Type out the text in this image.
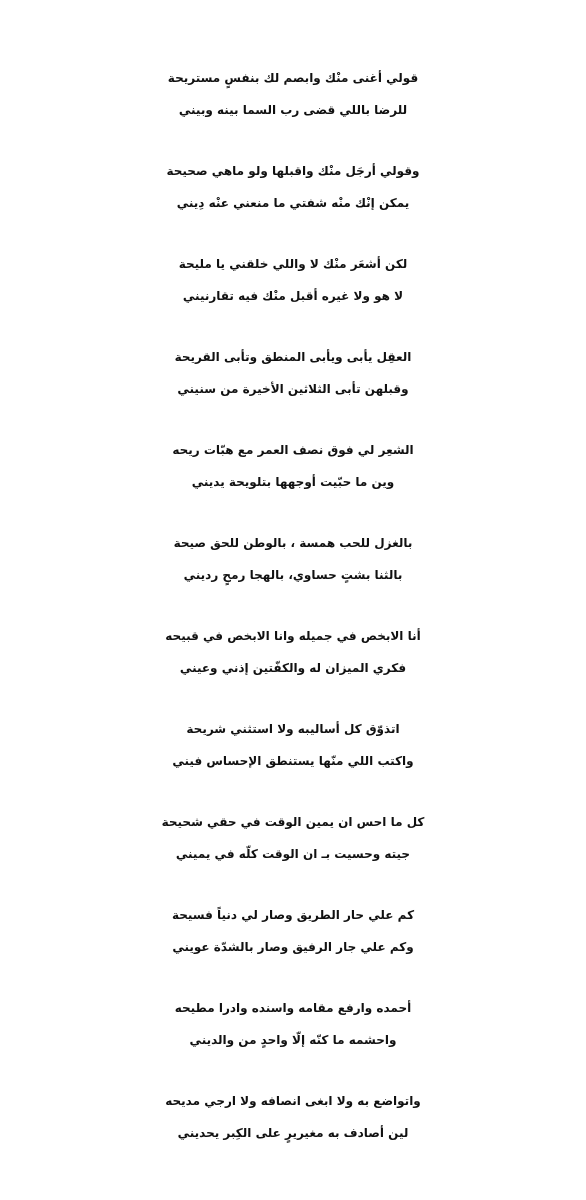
قولي أغنى منْك وابصم لك بنفسٍ مستريحة
للرضا باللي قضى رب السما بينه وبيني
وقولي أرجَل منْك واقبلها ولو ماهي صحيحة
يمكن إنْك منْه شفتي ما منعني عنْه دِيني
لكن أشعَر منْك لا واللي خلقني يا مليحة
لا هو ولا غيره أقبل منْك فيه تقارنيني
العقِل يأبى ويأبى المنطق وتأبى القريحة
وقبلهن تأبى الثلاثين الأخيرة من سنيني
الشعِر لي فوق نصف العمر مع هبّات ريحه
وين ما حبّيت أوجهها بتلويحة يديني
بالغزل للحب همسة ، بالوطن للحق صيحة
بالثنا بشتٍ حساوي، بالهجا رمحٍ رديني
أنا الابخص في جميله وانا الابخص في قبيحه
فكري الميزان له والكفّتين إذني وعيني
اتذوّق كل أساليبه ولا استثني شريحة
واكتب اللي منّها يستنطق الإحساس فيني
كل ما احس ان يمين الوقت في حقي شحيحة
جيته وحسيت بـ ان الوقت كلّه في يميني
كم علي حار الطريق وصار لي دنياً فسيحة
وكم علي جار الرفيق وصار بالشدّة عويني
أحمده وارفع مقامه واسنده وادرا مطيحه
واحشمه ما كنّه إلّا واحدٍ من والديني
واتواضع به ولا ابغى انصافه ولا ارجي مديحه
لين أصادف به مغيريرٍ على الكِبر يحديني
